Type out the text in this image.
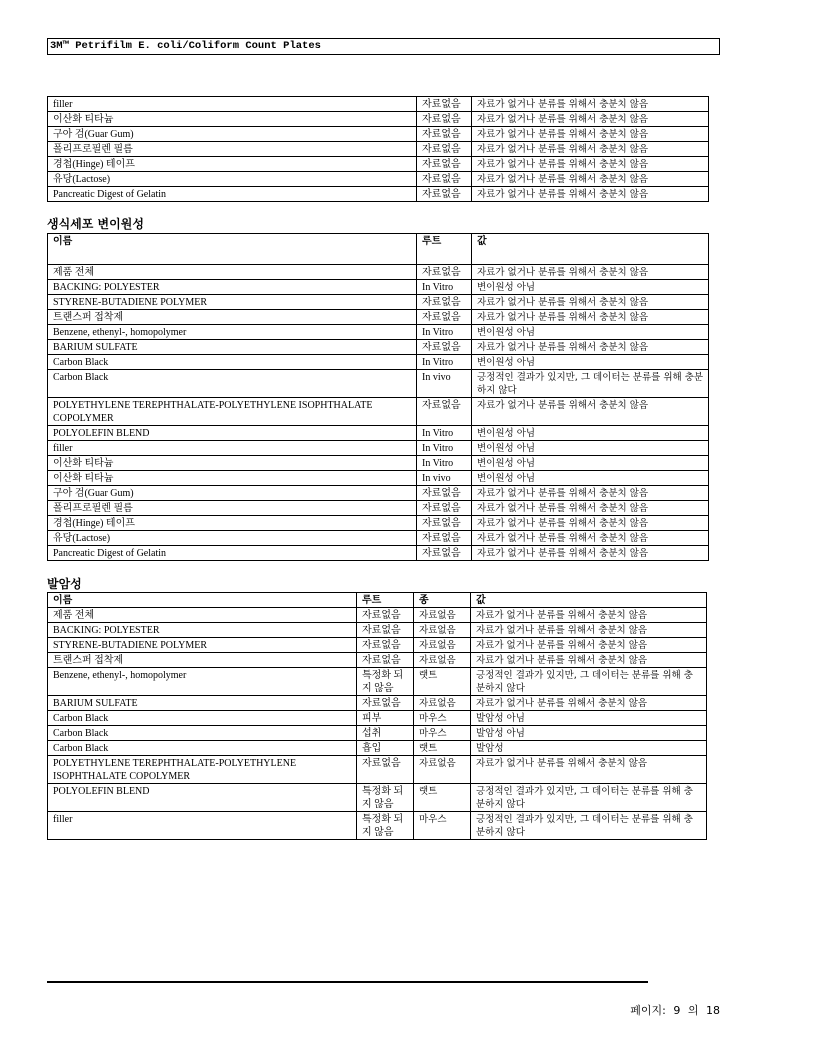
3M™ Petrifilm E. coli/Coliform Count Plates
filler	자료없음	자료가 없거나 분류를 위해서 충분치 않음
이산화 티타늄	자료없음	자료가 없거나 분류를 위해서 충분치 않음
구아 검(Guar Gum)	자료없음	자료가 없거나 분류를 위해서 충분치 않음
폴리프로필렌 필름	자료없음	자료가 없거나 분류를 위해서 충분치 않음
경첩(Hinge) 테이프	자료없음	자료가 없거나 분류를 위해서 충분치 않음
유당(Lactose)	자료없음	자료가 없거나 분류를 위해서 충분치 않음
Pancreatic Digest of Gelatin	자료없음	자료가 없거나 분류를 위해서 충분치 않음
생식세포 변이원성
이름	루트	값
제품 전체	자료없음	자료가 없거나 분류를 위해서 충분치 않음
BACKING: POLYESTER	In Vitro	변이원성 아님
STYRENE-BUTADIENE POLYMER	자료없음	자료가 없거나 분류를 위해서 충분치 않음
트랜스퍼 접착제	자료없음	자료가 없거나 분류를 위해서 충분치 않음
Benzene, ethenyl-, homopolymer	In Vitro	변이원성 아님
BARIUM SULFATE	자료없음	자료가 없거나 분류를 위해서 충분치 않음
Carbon Black	In Vitro	변이원성 아님
Carbon Black	In vivo	긍정적인 결과가 있지만, 그 데이터는 분류를 위해 충분하지 않다
POLYETHYLENE TEREPHTHALATE-POLYETHYLENE ISOPHTHALATE COPOLYMER	자료없음	자료가 없거나 분류를 위해서 충분치 않음
POLYOLEFIN BLEND	In Vitro	변이원성 아님
filler	In Vitro	변이원성 아님
이산화 티타늄	In Vitro	변이원성 아님
이산화 티타늄	In vivo	변이원성 아님
구아 검(Guar Gum)	자료없음	자료가 없거나 분류를 위해서 충분치 않음
폴리프로필렌 필름	자료없음	자료가 없거나 분류를 위해서 충분치 않음
경첩(Hinge) 테이프	자료없음	자료가 없거나 분류를 위해서 충분치 않음
유당(Lactose)	자료없음	자료가 없거나 분류를 위해서 충분치 않음
Pancreatic Digest of Gelatin	자료없음	자료가 없거나 분류를 위해서 충분치 않음
발암성
이름	루트	종	값
제품 전체	자료없음	자료없음	자료가 없거나 분류를 위해서 충분치 않음
BACKING: POLYESTER	자료없음	자료없음	자료가 없거나 분류를 위해서 충분치 않음
STYRENE-BUTADIENE POLYMER	자료없음	자료없음	자료가 없거나 분류를 위해서 충분치 않음
트랜스퍼 접착제	자료없음	자료없음	자료가 없거나 분류를 위해서 충분치 않음
Benzene, ethenyl-, homopolymer	특정화 되지 않음	랫트	긍정적인 결과가 있지만, 그 데이터는 분류를 위해 충분하지 않다
BARIUM SULFATE	자료없음	자료없음	자료가 없거나 분류를 위해서 충분치 않음
Carbon Black	피부	마우스	발암성 아님
Carbon Black	섭취	마우스	발암성 아님
Carbon Black	흡입	랫트	발암성
POLYETHYLENE TEREPHTHALATE-POLYETHYLENE ISOPHTHALATE COPOLYMER	자료없음	자료없음	자료가 없거나 분류를 위해서 충분치 않음
POLYOLEFIN BLEND	특정화 되지 않음	랫트	긍정적인 결과가 있지만, 그 데이터는 분류를 위해 충분하지 않다
filler	특정화 되지 않음	마우스	긍정적인 결과가 있지만, 그 데이터는 분류를 위해 충분하지 않다
페이지: 9 의 18
